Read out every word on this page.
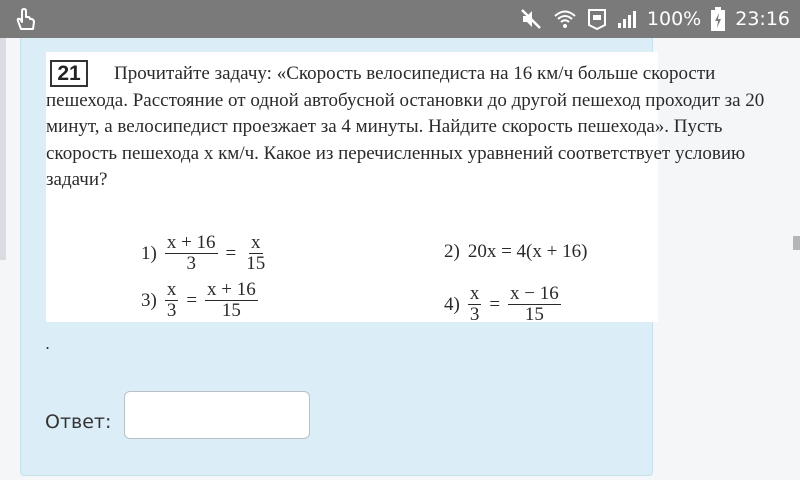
100% 23:16
21	Прочитайте задачу: «Скорость велосипедиста на 16 км/ч больше скорости пешехода. Расстояние от одной автобусной остановки до другой пешеход проходит за 20 минут, а велосипедист проезжает за 4 минуты. Найдите скорость пешехода». Пусть скорость пешехода x км/ч. Какое из перечисленных уравнений соответствует условию задачи?

$1) \frac{x + 16}{3} = \frac{x}{15}$	2) 20x = 4(x + 16)
$3) \frac{x}{3} = \frac{x + 16}{15}$	$4) \frac{x}{3} = \frac{x - 16}{15}$
.
Ответ:
